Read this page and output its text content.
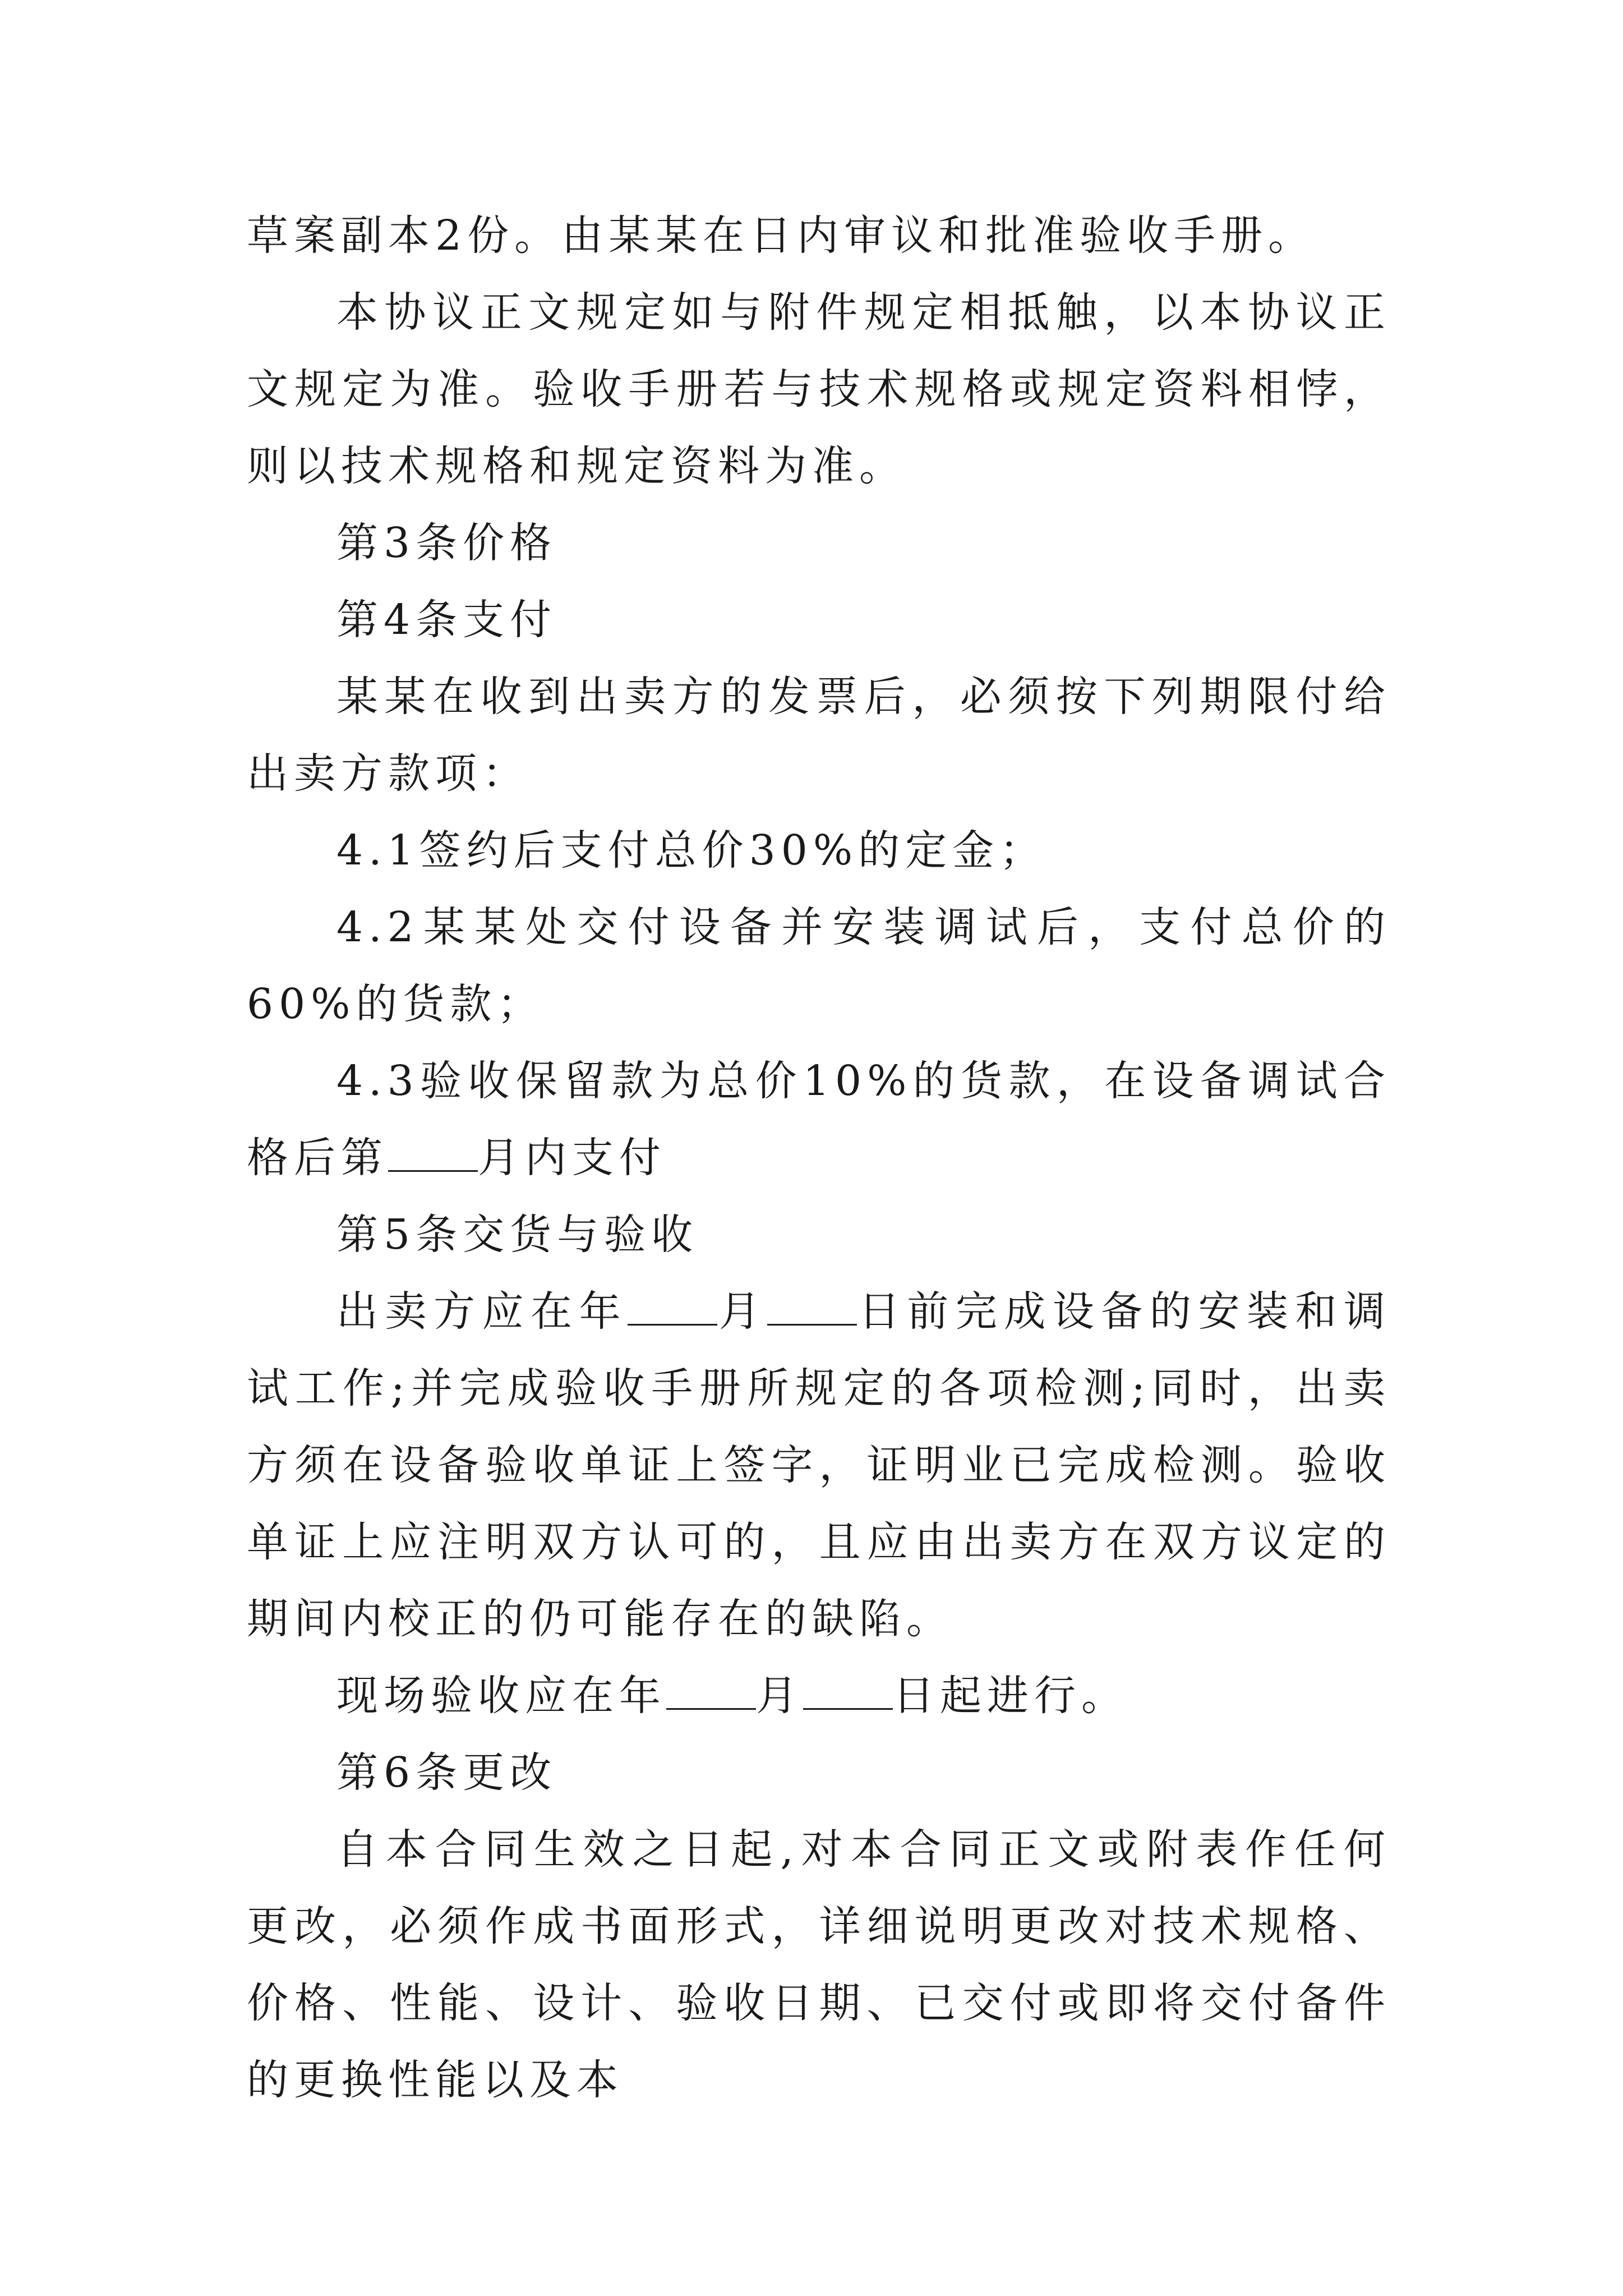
草案副本2份。由某某在日内审议和批准验收手册。

本协议正文规定如与附件规定相抵触，以本协议正文规定为准。验收手册若与技术规格或规定资料相悖，则以技术规格和规定资料为准。

第3条价格

第4条支付

某某在收到出卖方的发票后，必须按下列期限付给出卖方款项：

4.1签约后支付总价30%的定金；

4.2某某处交付设备并安装调试后，支付总价的60%的货款；

4.3验收保留款为总价10%的货款，在设备调试合格后第 月内支付

第5条交货与验收

出卖方应在年 月 日前完成设备的安装和调试工作;并完成验收手册所规定的各项检测;同时，出卖方须在设备验收单证上签字，证明业已完成检测。验收单证上应注明双方认可的，且应由出卖方在双方议定的期间内校正的仍可能存在的缺陷。

现场验收应在年 月 日起进行。

第6条更改

自本合同生效之日起,对本合同正文或附表作任何更改，必须作成书面形式，详细说明更改对技术规格、价格、性能、设计、验收日期、已交付或即将交付备件的更换性能以及本
